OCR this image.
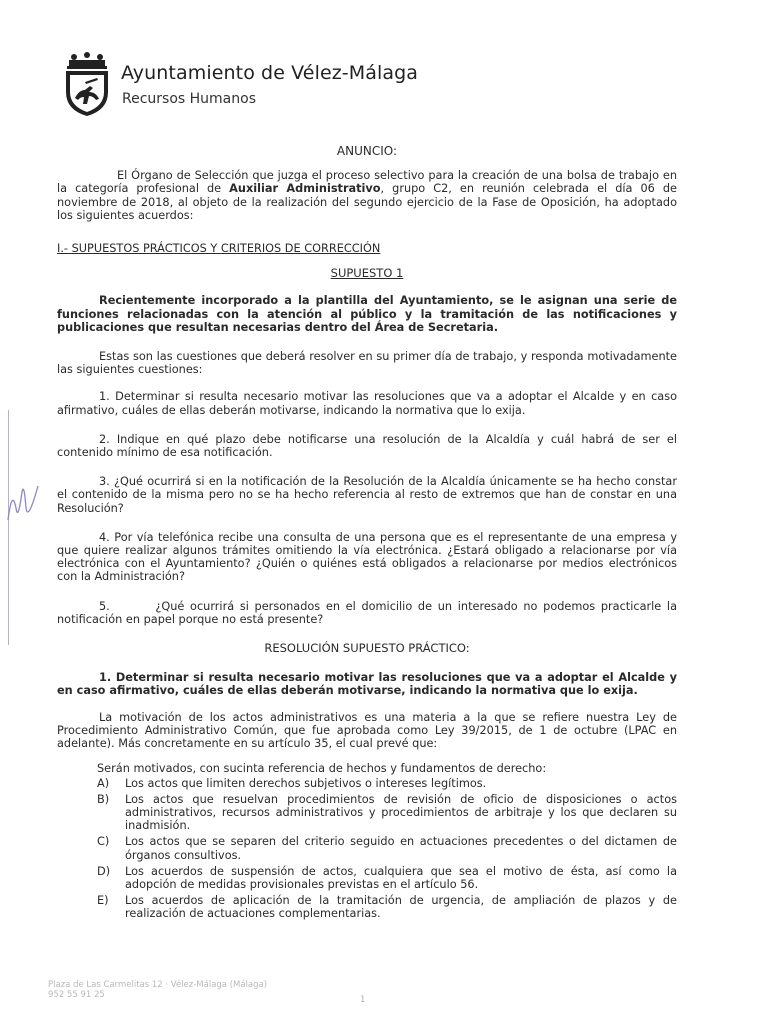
Ayuntamiento de Vélez-Málaga
Recursos Humanos

ANUNCIO:

El Órgano de Selección que juzga el proceso selectivo para la creación de una bolsa de trabajo en la categoría profesional de Auxiliar Administrativo, grupo C2, en reunión celebrada el día 06 de noviembre de 2018, al objeto de la realización del segundo ejercicio de la Fase de Oposición, ha adoptado los siguientes acuerdos:

I.- SUPUESTOS PRÁCTICOS Y CRITERIOS DE CORRECCIÓN

SUPUESTO 1

Recientemente incorporado a la plantilla del Ayuntamiento, se le asignan una serie de funciones relacionadas con la atención al público y la tramitación de las notificaciones y publicaciones que resultan necesarias dentro del Área de Secretaria.

Estas son las cuestiones que deberá resolver en su primer día de trabajo, y responda motivadamente las siguientes cuestiones:

1. Determinar si resulta necesario motivar las resoluciones que va a adoptar el Alcalde y en caso afirmativo, cuáles de ellas deberán motivarse, indicando la normativa que lo exija.

2. Indique en qué plazo debe notificarse una resolución de la Alcaldía y cuál habrá de ser el contenido mínimo de esa notificación.

3. ¿Qué ocurrirá si en la notificación de la Resolución de la Alcaldía únicamente se ha hecho constar el contenido de la misma pero no se ha hecho referencia al resto de extremos que han de constar en una Resolución?

4. Por vía telefónica recibe una consulta de una persona que es el representante de una empresa y que quiere realizar algunos trámites omitiendo la vía electrónica. ¿Estará obligado a relacionarse por vía electrónica con el Ayuntamiento? ¿Quién o quiénes está obligados a relacionarse por medios electrónicos con la Administración?

5.        ¿Qué ocurrirá si personados en el domicilio de un interesado no podemos practicarle la notificación en papel porque no está presente?

RESOLUCIÓN SUPUESTO PRÁCTICO:

1. Determinar si resulta necesario motivar las resoluciones que va a adoptar el Alcalde y en caso afirmativo, cuáles de ellas deberán motivarse, indicando la normativa que lo exija.

La motivación de los actos administrativos es una materia a la que se refiere nuestra Ley de Procedimiento Administrativo Común, que fue aprobada como Ley 39/2015, de 1 de octubre (LPAC en adelante). Más concretamente en su artículo 35, el cual prevé que:

Serán motivados, con sucinta referencia de hechos y fundamentos de derecho:

A) Los actos que limiten derechos subjetivos o intereses legítimos.
B) Los actos que resuelvan procedimientos de revisión de oficio de disposiciones o actos administrativos, recursos administrativos y procedimientos de arbitraje y los que declaren su inadmisión.
C) Los actos que se separen del criterio seguido en actuaciones precedentes o del dictamen de órganos consultivos.
D) Los acuerdos de suspensión de actos, cualquiera que sea el motivo de ésta, así como la adopción de medidas provisionales previstas en el artículo 56.
E) Los acuerdos de aplicación de la tramitación de urgencia, de ampliación de plazos y de realización de actuaciones complementarias.
Plaza de Las Carmelitas 12 · Vélez-Málaga (Málaga)
952 55 91 25	1
